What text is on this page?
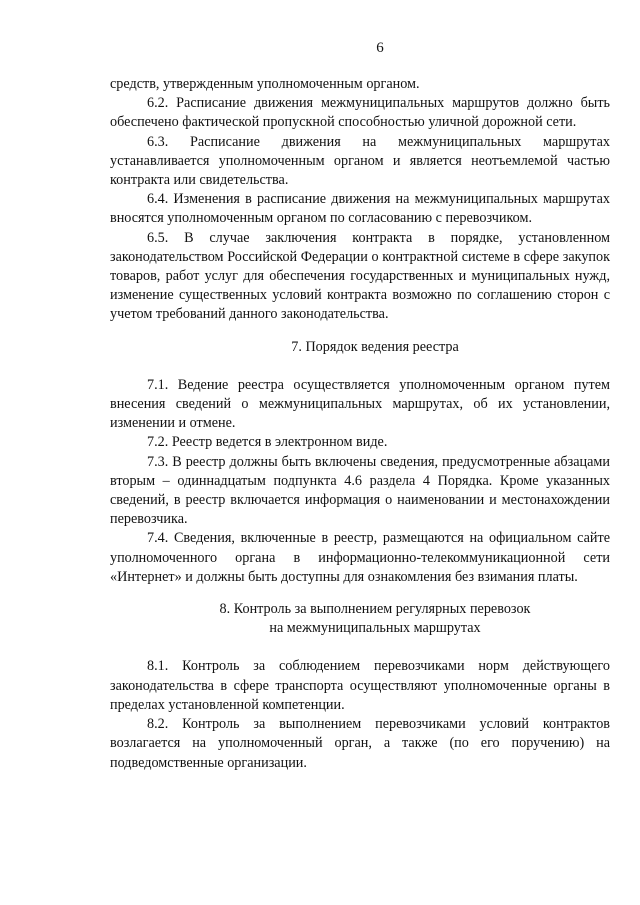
6

средств, утвержденным уполномоченным органом.

6.2. Расписание движения межмуниципальных маршрутов должно быть обеспечено фактической пропускной способностью уличной дорожной сети.

6.3. Расписание движения на межмуниципальных маршрутах устанавливается уполномоченным органом и является неотъемлемой частью контракта или свидетельства.

6.4. Изменения в расписание движения на межмуниципальных маршрутах вносятся уполномоченным органом по согласованию с перевозчиком.

6.5. В случае заключения контракта в порядке, установленном законодательством Российской Федерации о контрактной системе в сфере закупок товаров, работ услуг для обеспечения государственных и муниципальных нужд, изменение существенных условий контракта возможно по соглашению сторон с учетом требований данного законодательства.

7. Порядок ведения реестра

7.1. Ведение реестра осуществляется уполномоченным органом путем внесения сведений о межмуниципальных маршрутах, об их установлении, изменении и отмене.

7.2. Реестр ведется в электронном виде.

7.3. В реестр должны быть включены сведения, предусмотренные абзацами вторым – одиннадцатым подпункта 4.6 раздела 4 Порядка. Кроме указанных сведений, в реестр включается информация о наименовании и местонахождении перевозчика.

7.4. Сведения, включенные в реестр, размещаются на официальном сайте уполномоченного органа в информационно-телекоммуникационной сети «Интернет» и должны быть доступны для ознакомления без взимания платы.

8. Контроль за выполнением регулярных перевозок

на межмуниципальных маршрутах

8.1. Контроль за соблюдением перевозчиками норм действующего законодательства в сфере транспорта осуществляют уполномоченные органы в пределах установленной компетенции.

8.2. Контроль за выполнением перевозчиками условий контрактов возлагается на уполномоченный орган, а также (по его поручению) на подведомственные организации.
